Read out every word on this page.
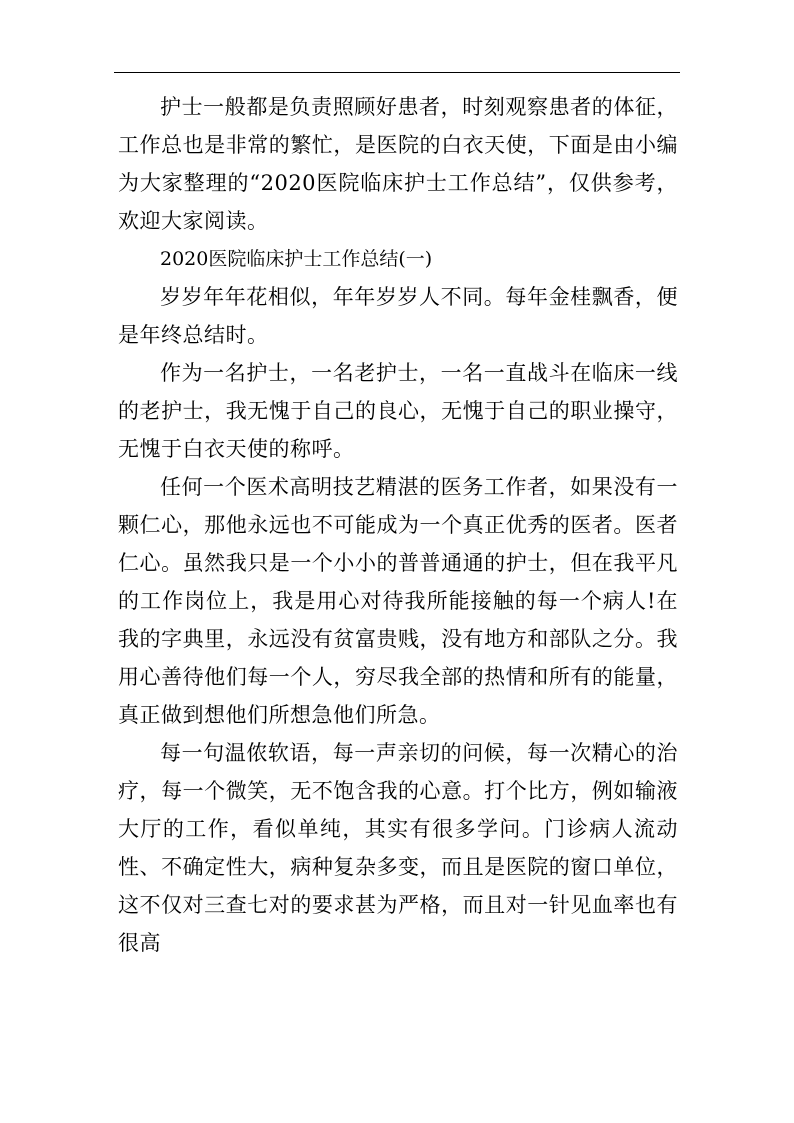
护士一般都是负责照顾好患者，时刻观察患者的体征，工作总也是非常的繁忙，是医院的白衣天使，下面是由小编为大家整理的“2020医院临床护士工作总结”，仅供参考，欢迎大家阅读。

2020医院临床护士工作总结(一)

岁岁年年花相似，年年岁岁人不同。每年金桂飘香，便是年终总结时。

作为一名护士，一名老护士，一名一直战斗在临床一线的老护士，我无愧于自己的良心，无愧于自己的职业操守，无愧于白衣天使的称呼。

任何一个医术高明技艺精湛的医务工作者，如果没有一颗仁心，那他永远也不可能成为一个真正优秀的医者。医者仁心。虽然我只是一个小小的普普通通的护士，但在我平凡的工作岗位上，我是用心对待我所能接触的每一个病人!在我的字典里，永远没有贫富贵贱，没有地方和部队之分。我用心善待他们每一个人，穷尽我全部的热情和所有的能量，真正做到想他们所想急他们所急。

每一句温侬软语，每一声亲切的问候，每一次精心的治疗，每一个微笑，无不饱含我的心意。打个比方，例如输液大厅的工作，看似单纯，其实有很多学问。门诊病人流动性、不确定性大，病种复杂多变，而且是医院的窗口单位，这不仅对三查七对的要求甚为严格，而且对一针见血率也有很高
